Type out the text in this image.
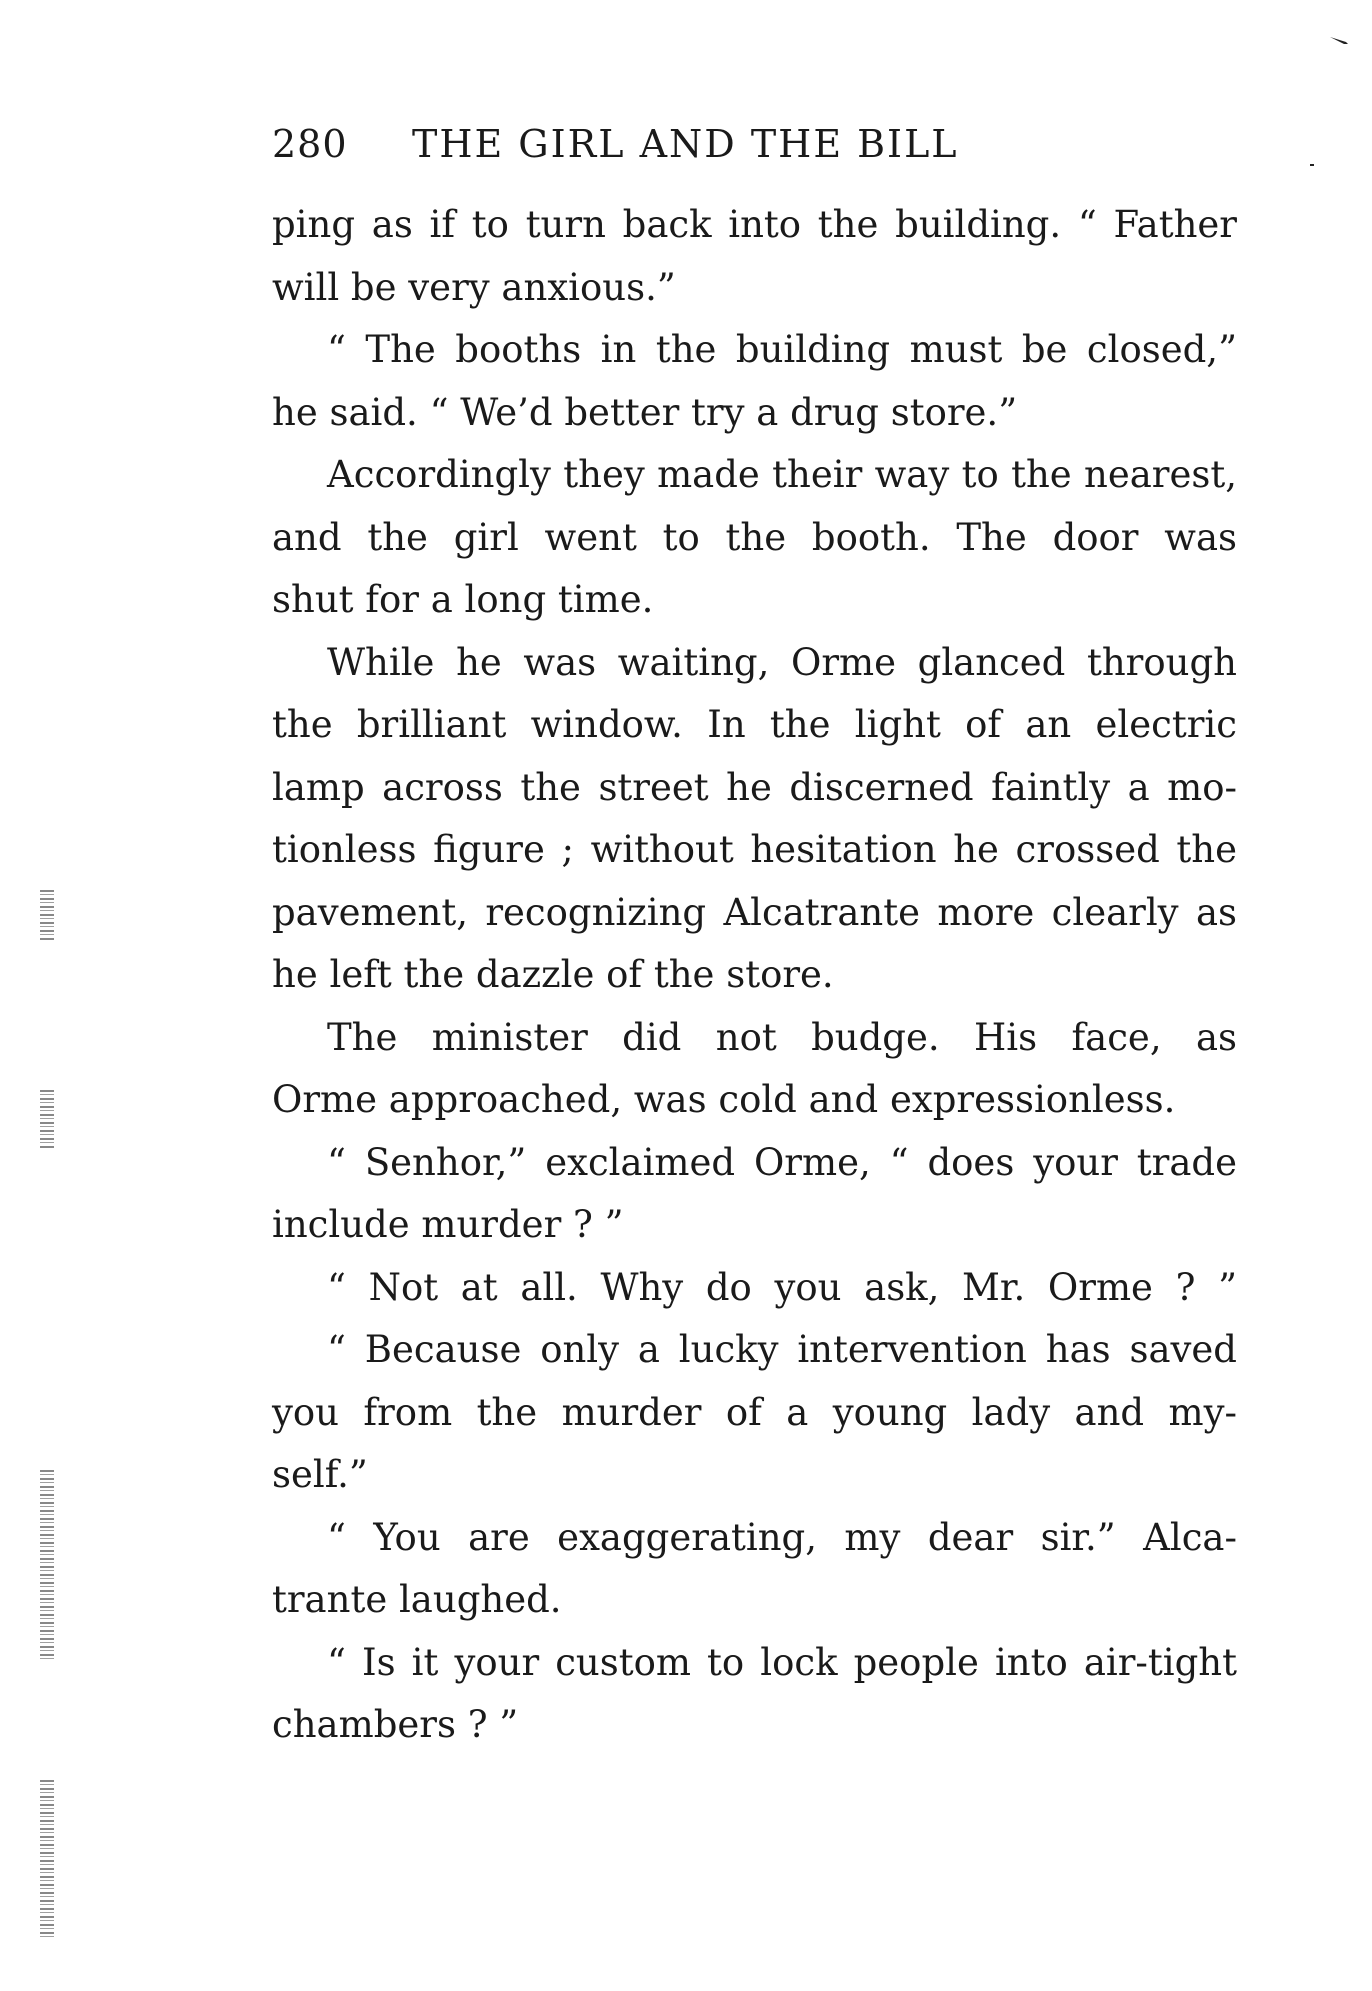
280 THE GIRL AND THE BILL
ping as if to turn back into the building. “ Father
will be very anxious.”
“ The booths in the building must be closed,”
he said. “ We’d better try a drug store.”
Accordingly they made their way to the nearest,
and the girl went to the booth. The door was
shut for a long time.
While he was waiting, Orme glanced through
the brilliant window. In the light of an electric
lamp across the street he discerned faintly a mo-
tionless figure ; without hesitation he crossed the
pavement, recognizing Alcatrante more clearly as
he left the dazzle of the store.
The minister did not budge. His face, as
Orme approached, was cold and expressionless.
“ Senhor,” exclaimed Orme, “ does your trade
include murder ? ”
“ Not at all. Why do you ask, Mr. Orme ? ”
“ Because only a lucky intervention has saved
you from the murder of a young lady and my-
self.”
“ You are exaggerating, my dear sir.” Alca-
trante laughed.
“ Is it your custom to lock people into air-tight
chambers ? ”
